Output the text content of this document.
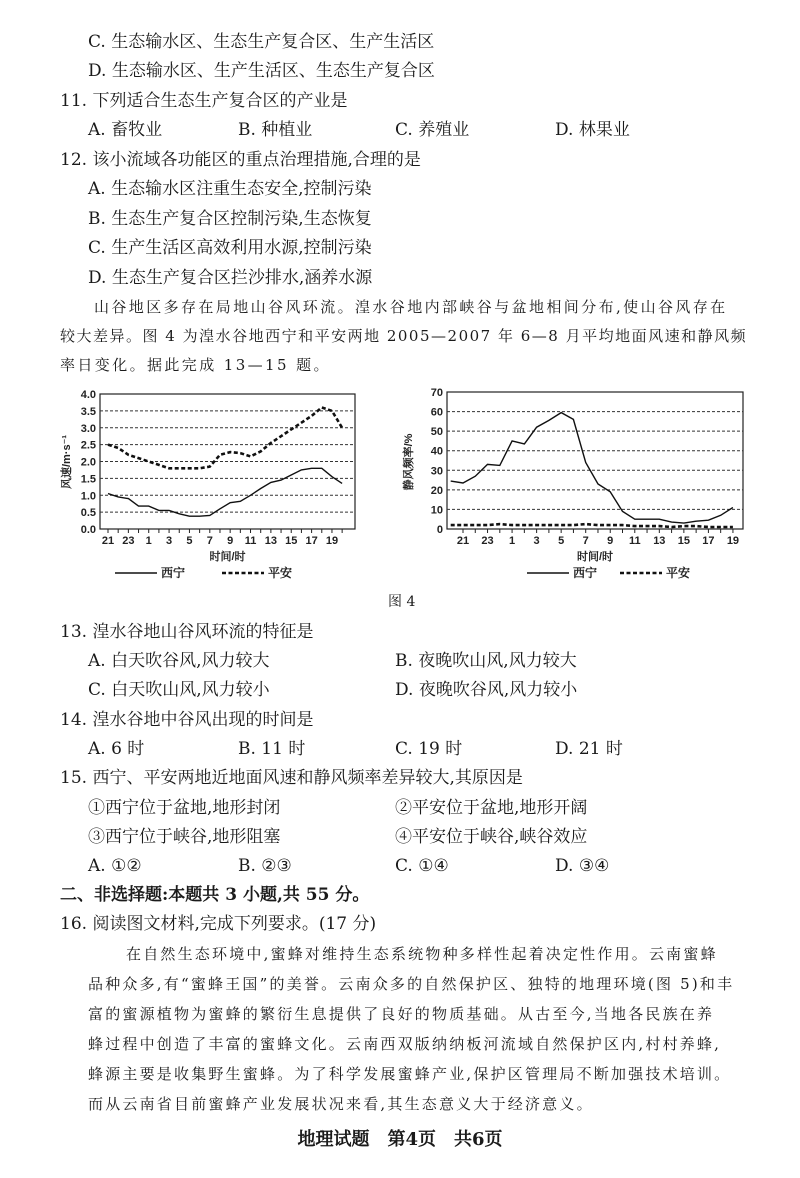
C. 生态输水区、生态生产复合区、生产生活区
D. 生态输水区、生产生活区、生态生产复合区
11. 下列适合生态生产复合区的产业是
A. 畜牧业	B. 种植业	C. 养殖业	D. 林果业
12. 该小流域各功能区的重点治理措施,合理的是
A. 生态输水区注重生态安全,控制污染
B. 生态生产复合区控制污染,生态恢复
C. 生产生活区高效利用水源,控制污染
D. 生态生产复合区拦沙排水,涵养水源
山谷地区多存在局地山谷风环流。湟水谷地内部峡谷与盆地相间分布,使山谷风存在
较大差异。图 4 为湟水谷地西宁和平安两地 2005—2007 年 6—8 月平均地面风速和静风频
率日变化。据此完成 13—15 题。
0.0
0.5
1.0
1.5
2.0
2.5
3.0
3.5
4.0
21 23 1 3 5 7 9 11 13 15 17 19
时间/时
风速/m·s⁻¹
西宁	平安
0
10
20
30
40
50
60
70
21 23 1 3 5 7 9 11 13 15 17 19
时间/时
静风频率/%
西宁	平安
图 4
13. 湟水谷地山谷风环流的特征是
A. 白天吹谷风,风力较大	B. 夜晚吹山风,风力较大
C. 白天吹山风,风力较小	D. 夜晚吹谷风,风力较小
14. 湟水谷地中谷风出现的时间是
A. 6 时	B. 11 时	C. 19 时	D. 21 时
15. 西宁、平安两地近地面风速和静风频率差异较大,其原因是
①西宁位于盆地,地形封闭	②平安位于盆地,地形开阔
③西宁位于峡谷,地形阻塞	④平安位于峡谷,峡谷效应
A. ①②	B. ②③	C. ①④	D. ③④
二、非选择题:本题共 3 小题,共 55 分。
16. 阅读图文材料,完成下列要求。(17 分)
在自然生态环境中,蜜蜂对维持生态系统物种多样性起着决定性作用。云南蜜蜂
品种众多,有“蜜蜂王国”的美誉。云南众多的自然保护区、独特的地理环境(图 5)和丰
富的蜜源植物为蜜蜂的繁衍生息提供了良好的物质基础。从古至今,当地各民族在养
蜂过程中创造了丰富的蜜蜂文化。云南西双版纳纳板河流域自然保护区内,村村养蜂,
蜂源主要是收集野生蜜蜂。为了科学发展蜜蜂产业,保护区管理局不断加强技术培训。
而从云南省目前蜜蜂产业发展状况来看,其生态意义大于经济意义。
地理试题　第4页　共6页
